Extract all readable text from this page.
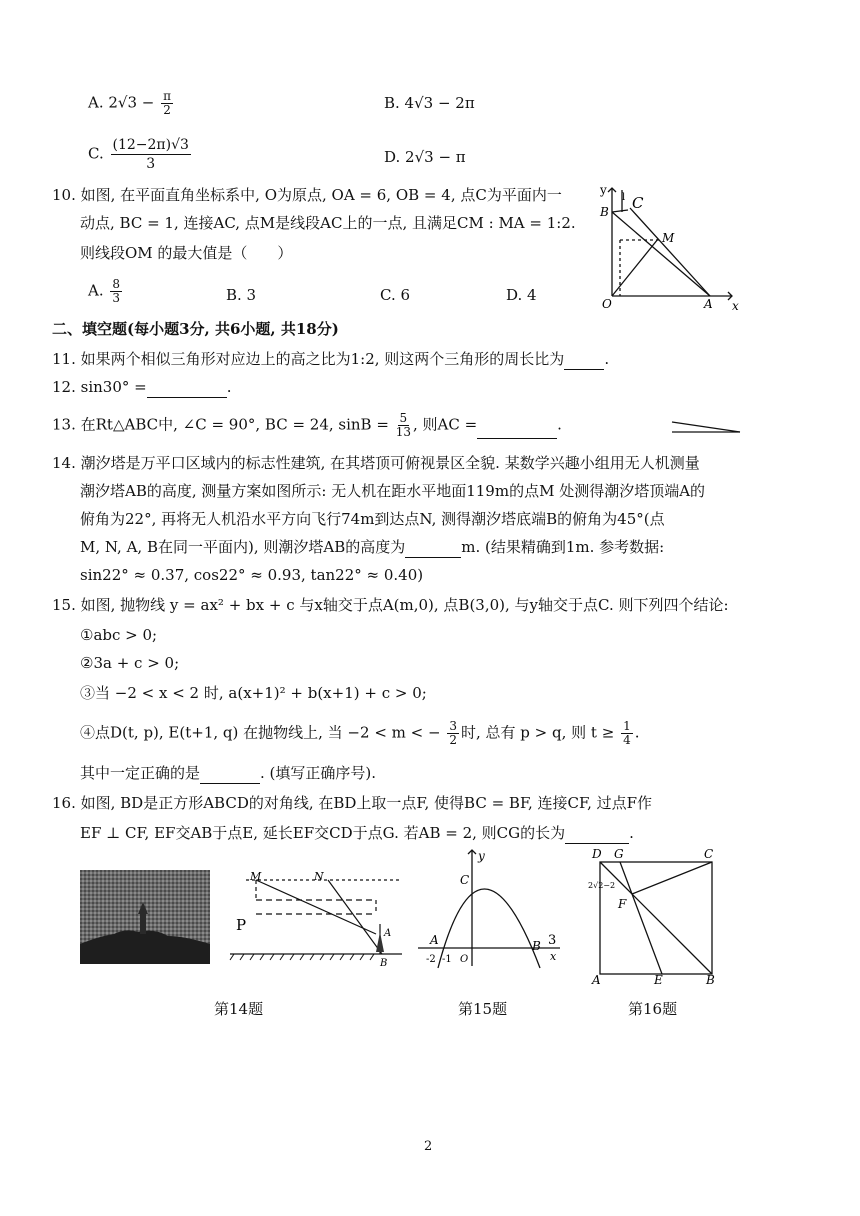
A. $2√3 - \frac{\pi}{2}$	B. 4√3 − 2π
C. $\frac{(12-2\pi)√3}{3}$	D. 2√3 − π
10. 如图, 在平面直角坐标系中, O为原点, OA = 6, OB = 4, 点C为平面内一
动点, BC = 1, 连接AC, 点M是线段AC上的一点, 且满足CM : MA = 1:2.
则线段OM 的最大值是（　　）
A. $\frac{8}{3}$	B. 3	C. 6	D. 4
y
x
B C
M
O	A
l
二、填空题(每小题3分, 共6小题, 共18分)
11. 如果两个相似三角形对应边上的高之比为1:2, 则这两个三角形的周长比为	.
12. sin30° =	.
13. 在Rt△ABC中, ∠C = 90°, BC = 24, $\sin B = \frac{5}{13}$ , 则AC =	.
14. 潮汐塔是万平口区域内的标志性建筑, 在其塔顶可俯视景区全貌. 某数学兴趣小组用无人机测量
潮汐塔AB的高度, 测量方案如图所示: 无人机在距水平地面119m的点M 处测得潮汐塔顶端A的
俯角为22°, 再将无人机沿水平方向飞行74m到达点N, 测得潮汐塔底端B的俯角为45°(点
M, N, A, B在同一平面内), 则潮汐塔AB的高度为	m. (结果精确到1m. 参考数据:
sin22° ≈ 0.37, cos22° ≈ 0.93, tan22° ≈ 0.40)
15. 如图, 抛物线 y = ax² + bx + c 与x轴交于点A(m,0), 点B(3,0), 与y轴交于点C. 则下列四个结论:
①abc > 0;
②3a + c > 0;
③当 −2 < x < 2 时, a(x+1)² + b(x+1) + c > 0;
④点D(t, p), E(t+1, q) 在抛物线上, 当 −2 < m < − $\frac{3}{2}$ 时, 总有 p > q, 则 $t \ge \frac{1}{4}$ .
其中一定正确的是	. (填写正确序号).
16. 如图, BD是正方形ABCD的对角线, 在BD上取一点F, 使得BC = BF, 连接CF, 过点F作
EF ⊥ CF, EF交AB于点E, 延长EF交CD于点G. 若AB = 2, 则CG的长为	.
M	N
A
B
P
y
C
A	B
x
-2 -1 O
3
D G	C
F
A	E	B
2√2−2
第14题	第15题	第16题
2
